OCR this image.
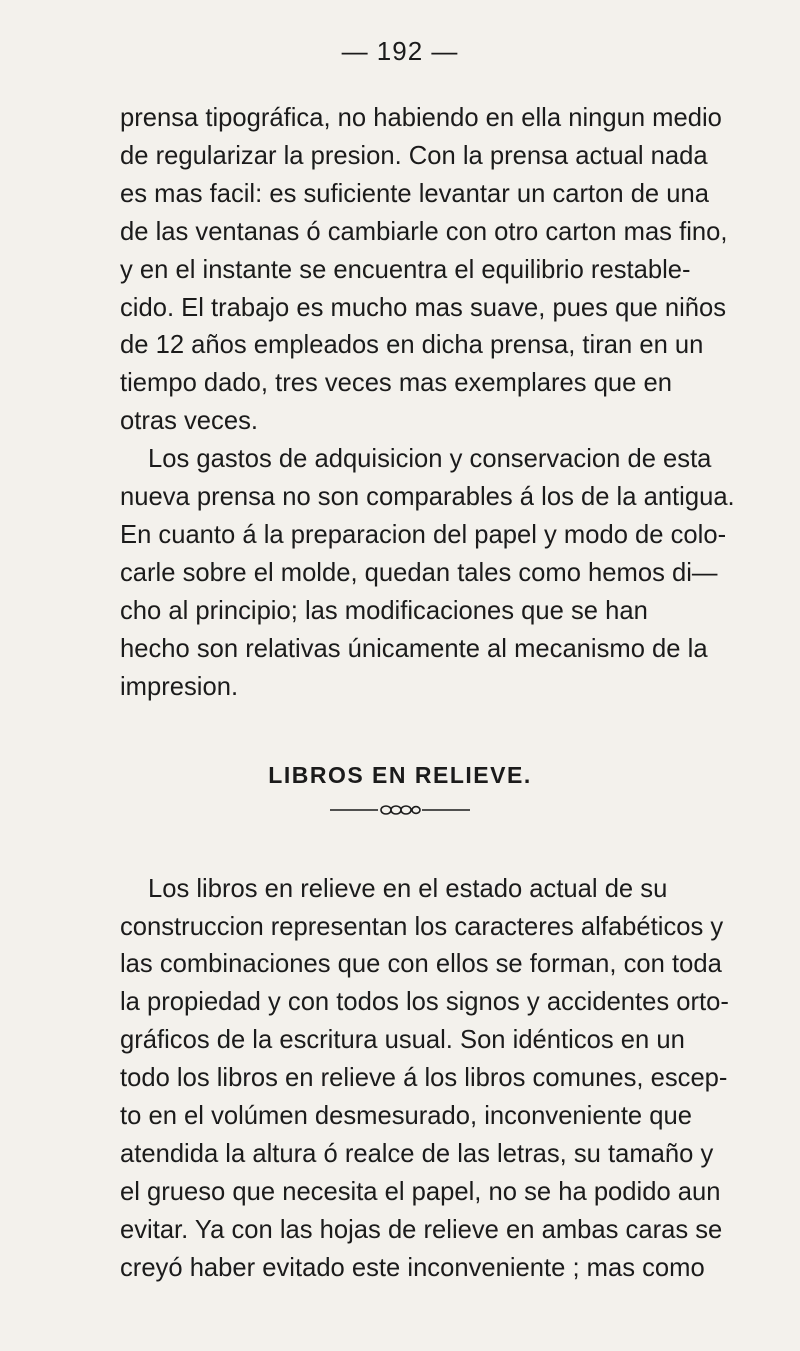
— 192 —

prensa tipográfica, no habiendo en ella ningun medio
de regularizar la presion. Con la prensa actual nada
es mas facil: es suficiente levantar un carton de una
de las ventanas ó cambiarle con otro carton mas fino,
y en el instante se encuentra el equilibrio restable-
cido. El trabajo es mucho mas suave, pues que niños
de 12 años empleados en dicha prensa, tiran en un
tiempo dado, tres veces mas exemplares que en
otras veces.

Los gastos de adquisicion y conservacion de esta
nueva prensa no son comparables á los de la antigua.
En cuanto á la preparacion del papel y modo de colo-
carle sobre el molde, quedan tales como hemos di—
cho al principio; las modificaciones que se han
hecho son relativas únicamente al mecanismo de la
impresion.

LIBROS EN RELIEVE.

Los libros en relieve en el estado actual de su
construccion representan los caracteres alfabéticos y
las combinaciones que con ellos se forman, con toda
la propiedad y con todos los signos y accidentes orto-
gráficos de la escritura usual. Son idénticos en un
todo los libros en relieve á los libros comunes, escep-
to en el volúmen desmesurado, inconveniente que
atendida la altura ó realce de las letras, su tamaño y
el grueso que necesita el papel, no se ha podido aun
evitar. Ya con las hojas de relieve en ambas caras se
creyó haber evitado este inconveniente ; mas como
